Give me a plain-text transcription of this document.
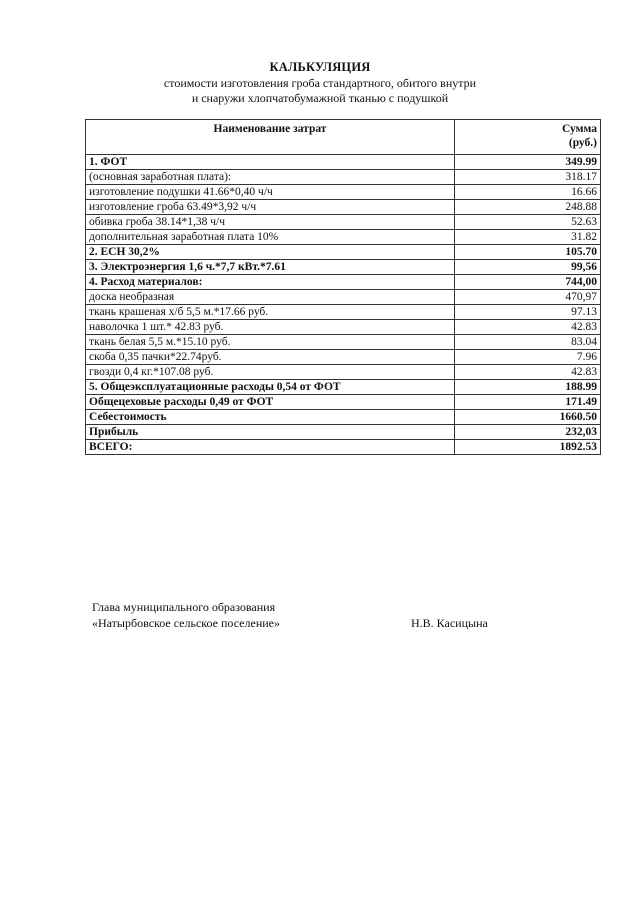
КАЛЬКУЛЯЦИЯ
стоимости изготовления гроба стандартного, обитого внутри
и снаружи хлопчатобумажной тканью с подушкой
Наименование затрат	Сумма
(руб.)

1. ФОТ	349.99
(основная заработная плата):	318.17
изготовление подушки 41.66*0,40 ч/ч	16.66
изготовление гроба 63.49*3,92 ч/ч	248.88
обивка гроба 38.14*1,38 ч/ч	52.63
дополнительная заработная плата 10%	31.82
2. ЕСН 30,2%	105.70
3. Электроэнергия 1,6 ч.*7,7 кВт.*7.61	99,56
4. Расход материалов:	744,00
доска необразная	470,97
ткань крашеная х/б 5,5 м.*17.66 руб.	97.13
наволочка 1 шт.* 42.83 руб.	42.83
ткань белая 5,5 м.*15.10 руб.	83.04
скоба 0,35 пачки*22.74руб.	7.96
гвозди 0,4 кг.*107.08 руб.	42.83
5. Общеэксплуатационные расходы 0,54 от ФОТ	188.99
Общецеховые расходы 0,49 от ФОТ	171.49
Себестоимость	1660.50
Прибыль	232,03
ВСЕГО:	1892.53
Глава муниципального образования
«Натырбовское сельское поселение»	Н.В. Касицына
